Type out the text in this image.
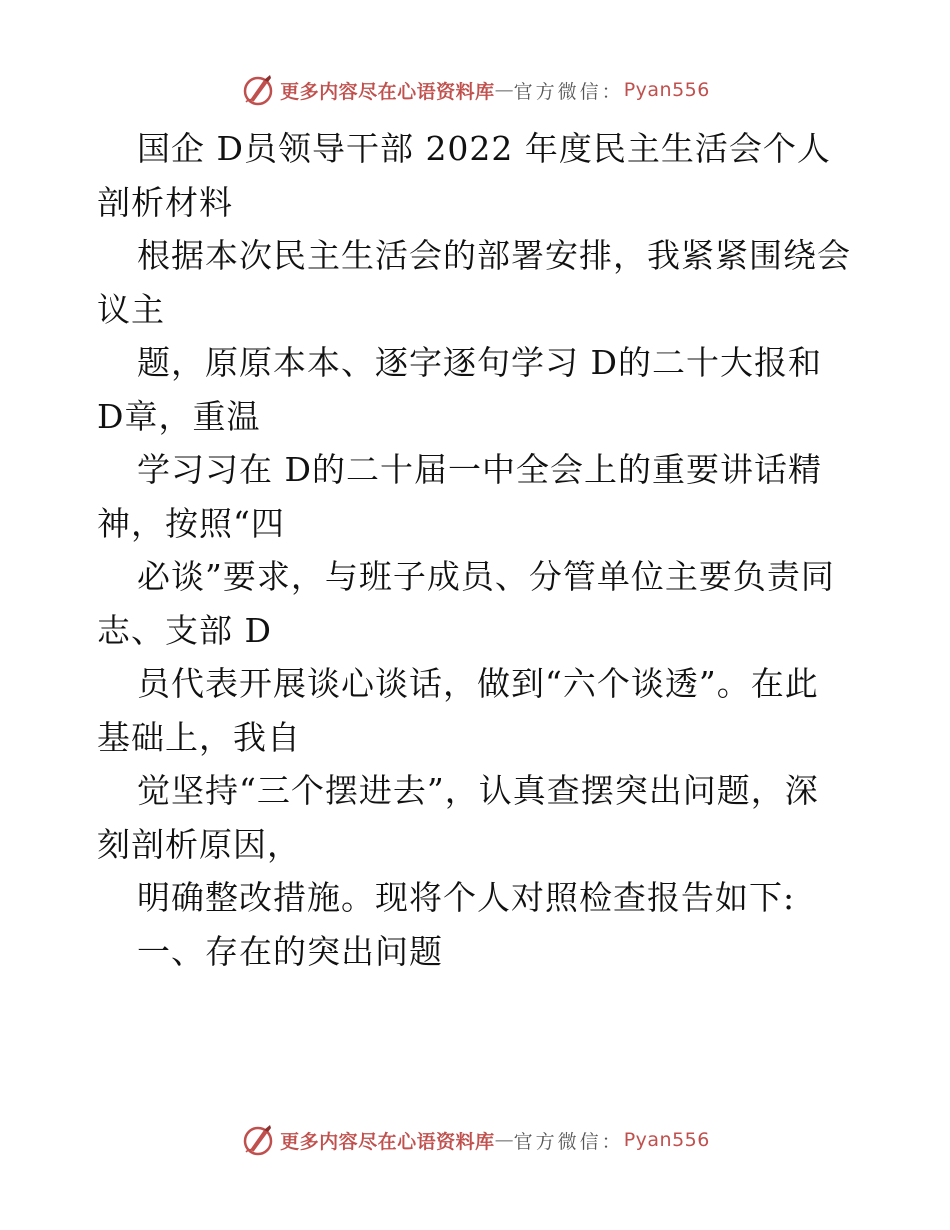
更多内容尽在心语资料库 — 官方微信： Pyan556
国企 D员领导干部 2022 年度民主生活会个人
剖析材料
根据本次民主生活会的部署安排，我紧紧围绕会
议主
题，原原本本、逐字逐句学习 D的二十大报和
D章，重温
学习习在 D的二十届一中全会上的重要讲话精
神，按照“四
必谈”要求，与班子成员、分管单位主要负责同
志、支部 D
员代表开展谈心谈话，做到“六个谈透”。在此
基础上，我自
觉坚持“三个摆进去”，认真查摆突出问题，深
刻剖析原因，
明确整改措施。现将个人对照检查报告如下:
一、存在的突出问题
更多内容尽在心语资料库 — 官方微信： Pyan556
